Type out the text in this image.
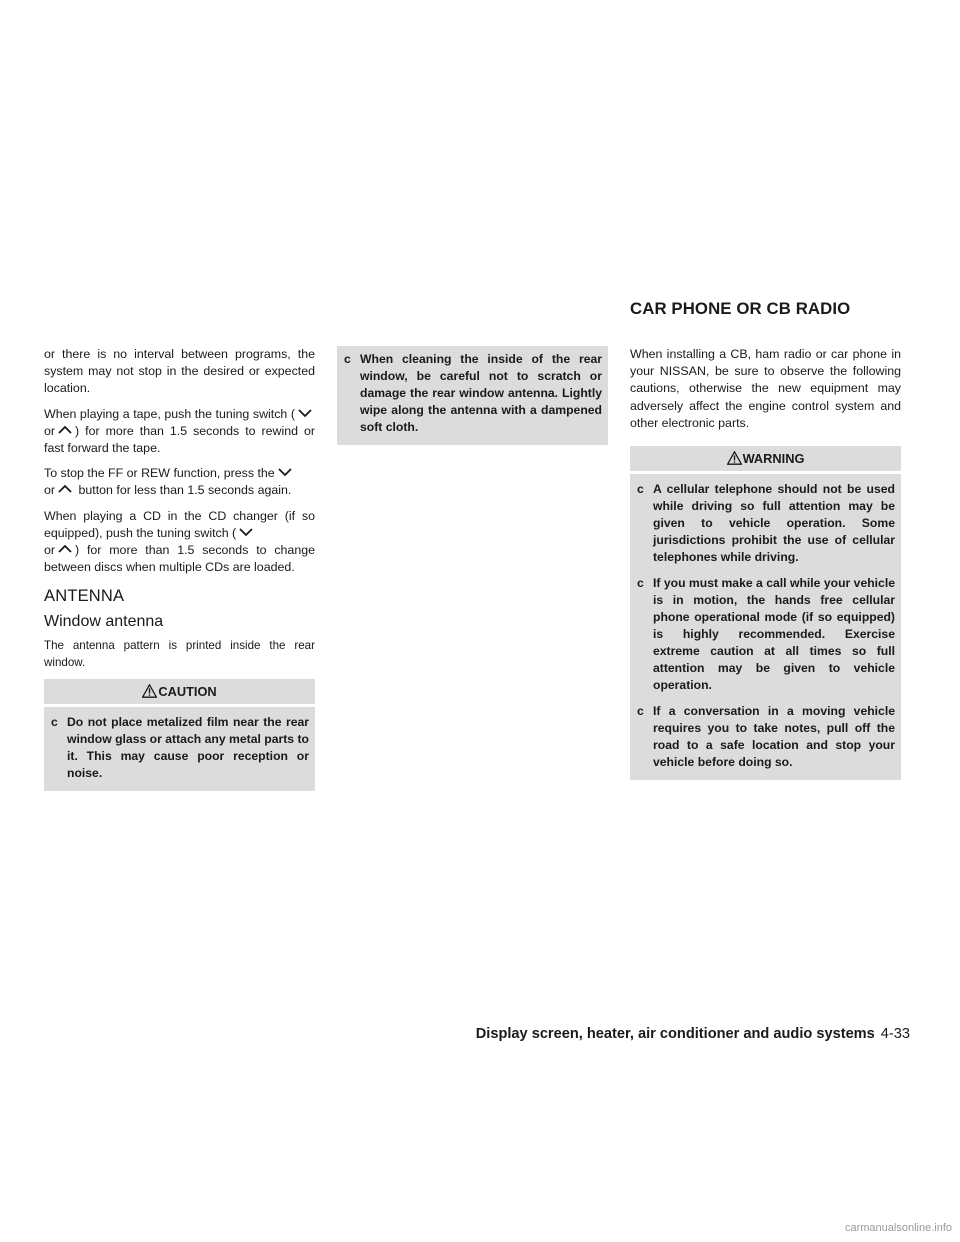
CAR PHONE OR CB RADIO

or there is no interval between programs, the system may not stop in the desired or expected location.

When playing a tape, push the tuning switch (
or ) for more than 1.5 seconds to rewind or fast forward the tape.

To stop the FF or REW function, press the

or button for less than 1.5 seconds again.

When playing a CD in the CD changer (if so equipped), push the tuning switch (

or ) for more than 1.5 seconds to change between discs when multiple CDs are loaded.

ANTENNA
Window antenna

The antenna pattern is printed inside the rear window.

CAUTION
c Do not place metalized film near the rear window glass or attach any metal parts to it. This may cause poor reception or noise.
c When cleaning the inside of the rear window, be careful not to scratch or damage the rear window antenna. Lightly wipe along the antenna with a dampened soft cloth.

When installing a CB, ham radio or car phone in your NISSAN, be sure to observe the following cautions, otherwise the new equipment may adversely affect the engine control system and other electronic parts.

WARNING
c A cellular telephone should not be used while driving so full attention may be given to vehicle operation. Some jurisdictions prohibit the use of cellular telephones while driving.
c If you must make a call while your vehicle is in motion, the hands free cellular phone operational mode (if so equipped) is highly recommended. Exercise extreme caution at all times so full attention may be given to vehicle operation.
c If a conversation in a moving vehicle requires you to take notes, pull off the road to a safe location and stop your vehicle before doing so.
Display screen, heater, air conditioner and audio systems 4-33
carmanualsonline.info
